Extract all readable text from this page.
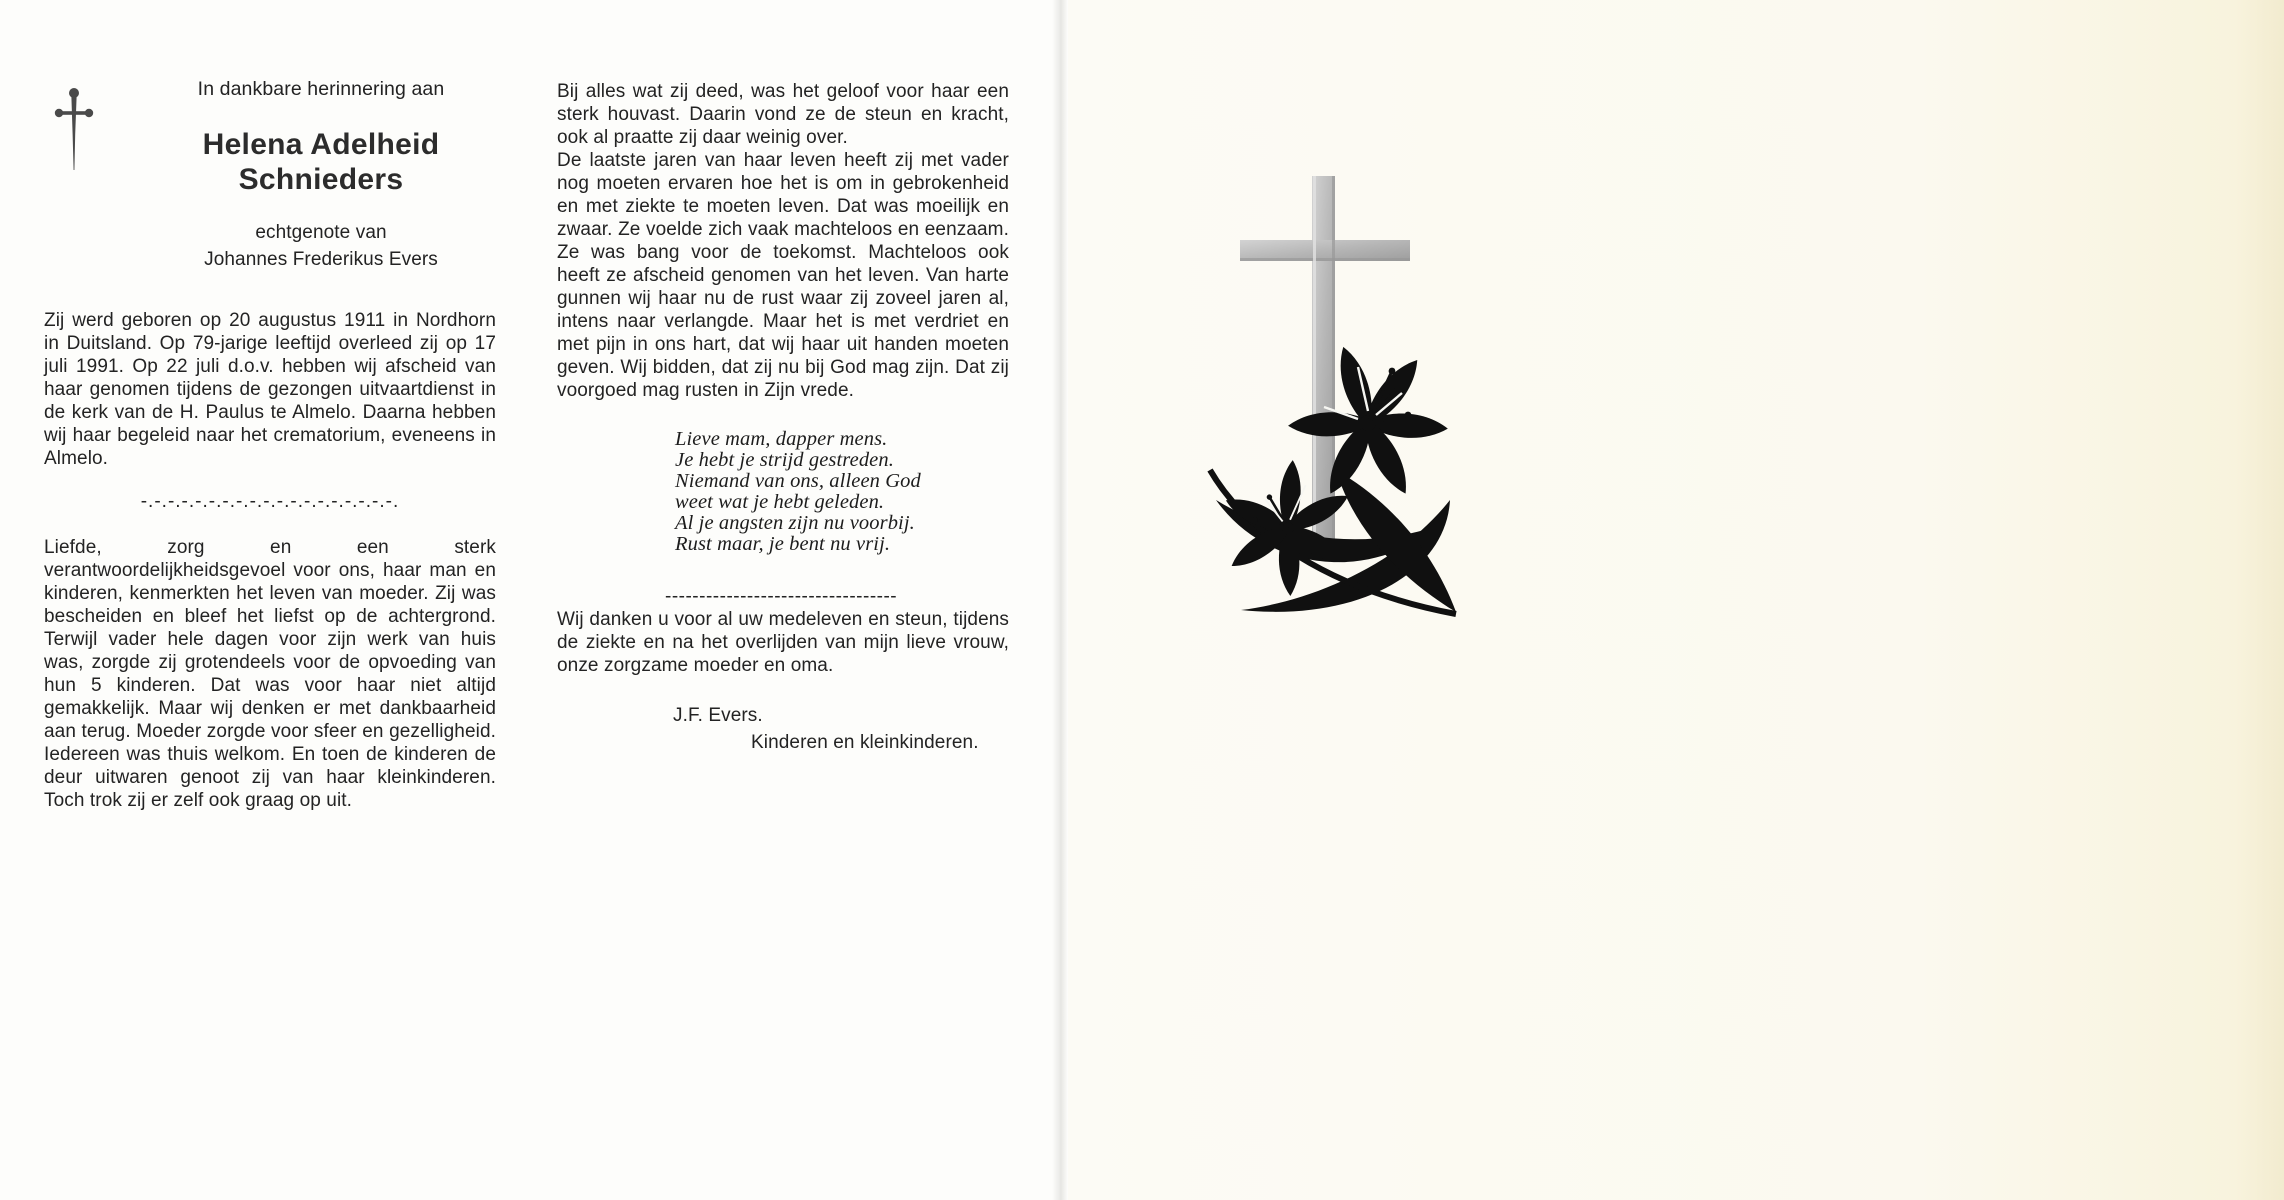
In dankbare herinnering aan
Helena Adelheid
Schnieders
echtgenote van
Johannes Frederikus Evers

Zij werd geboren op 20 augustus 1911 in Nordhorn in Duitsland. Op 79-jarige leeftijd overleed zij op 17 juli 1991. Op 22 juli d.o.v. hebben wij afscheid van haar genomen tijdens de gezongen uitvaartdienst in de kerk van de H. Paulus te Almelo. Daarna hebben wij haar begeleid naar het crematorium, eveneens in Almelo.

-.-.-.-.-.-.-.-.-.-.-.-.-.-.-.-.-.-.-.

Liefde, zorg en een sterk verantwoordelijkheidsgevoel voor ons, haar man en kinderen, kenmerkten het leven van moeder. Zij was bescheiden en bleef het liefst op de achtergrond. Terwijl vader hele dagen voor zijn werk van huis was, zorgde zij grotendeels voor de opvoeding van hun 5 kinderen. Dat was voor haar niet altijd gemakkelijk. Maar wij denken er met dankbaarheid aan terug. Moeder zorgde voor sfeer en gezelligheid. Iedereen was thuis welkom. En toen de kinderen de deur uitwaren genoot zij van haar kleinkinderen. Toch trok zij er zelf ook graag op uit.

Bij alles wat zij deed, was het geloof voor haar een sterk houvast. Daarin vond ze de steun en kracht, ook al praatte zij daar weinig over.

De laatste jaren van haar leven heeft zij met vader nog moeten ervaren hoe het is om in gebrokenheid en met ziekte te moeten leven. Dat was moeilijk en zwaar. Ze voelde zich vaak machteloos en eenzaam. Ze was bang voor de toekomst. Machteloos ook heeft ze afscheid genomen van het leven. Van harte gunnen wij haar nu de rust waar zij zoveel jaren al, intens naar verlangde. Maar het is met verdriet en met pijn in ons hart, dat wij haar uit handen moeten geven. Wij bidden, dat zij nu bij God mag zijn. Dat zij voorgoed mag rusten in Zijn vrede.

Lieve mam, dapper mens.
Je hebt je strijd gestreden.
Niemand van ons, alleen God
weet wat je hebt geleden.
Al je angsten zijn nu voorbij.
Rust maar, je bent nu vrij.
----------------------------------

Wij danken u voor al uw medeleven en steun, tijdens de ziekte en na het overlijden van mijn lieve vrouw, onze zorgzame moeder en oma.

J.F. Evers.
Kinderen en kleinkinderen.
